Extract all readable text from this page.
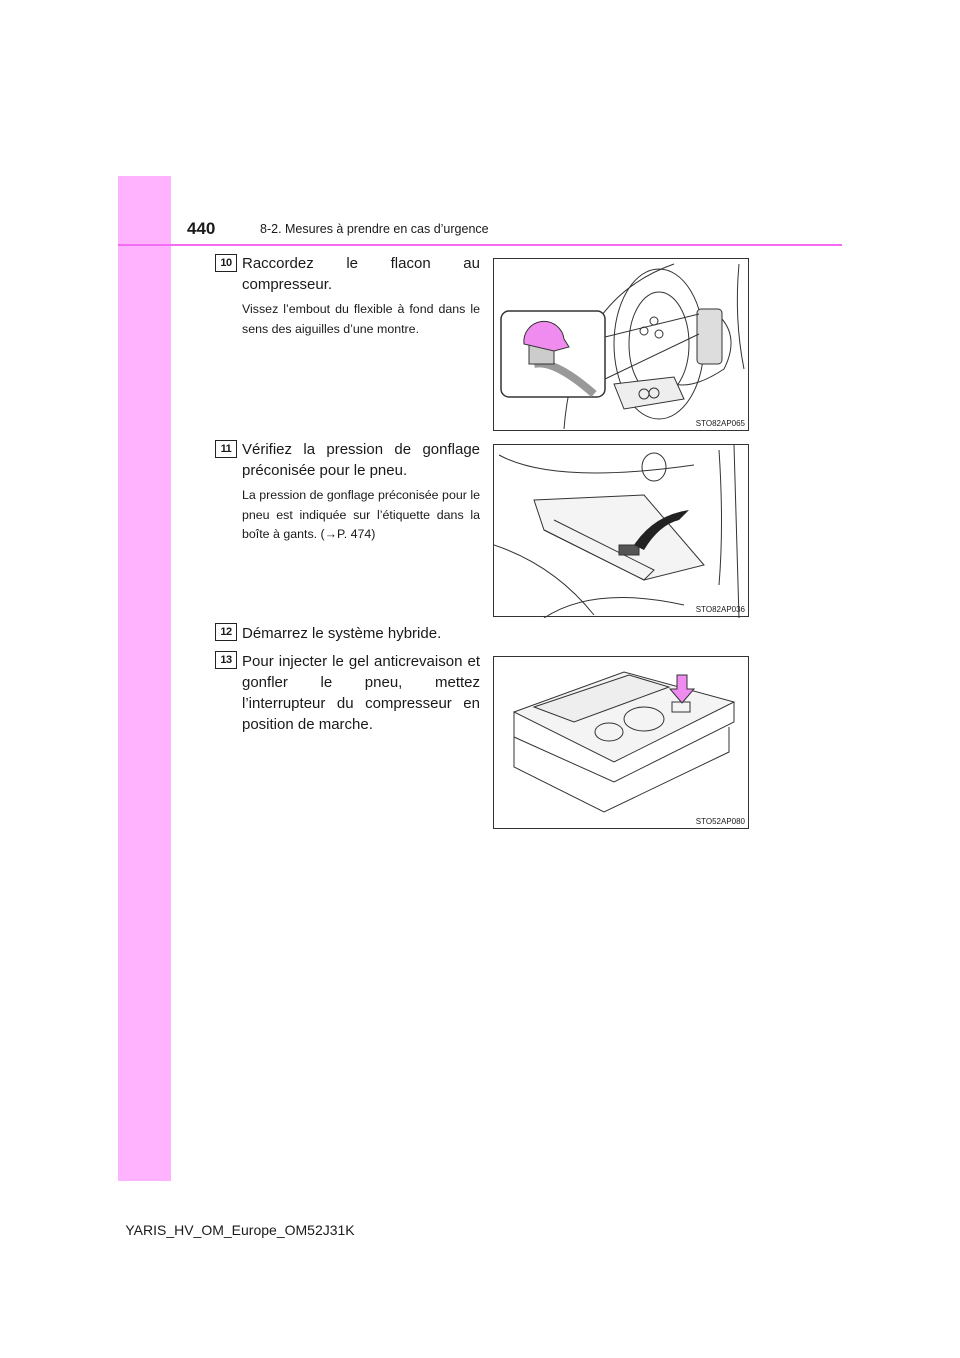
440	8-2. Mesures à prendre en cas d’urgence
10 Raccordez le flacon au compresseur.
Vissez l’embout du flexible à fond dans le sens des aiguilles d’une montre.
STO82AP065
11 Vérifiez la pression de gonflage préconisée pour le pneu.
La pression de gonflage préconisée pour le pneu est indiquée sur l’étiquette dans la boîte à gants. (→P. 474)
STO82AP036
12 Démarrez le système hybride.
13 Pour injecter le gel anticrevaison et gonfler le pneu, mettez l’interrupteur du compresseur en position de marche.
STO52AP080
YARIS_HV_OM_Europe_OM52J31K
